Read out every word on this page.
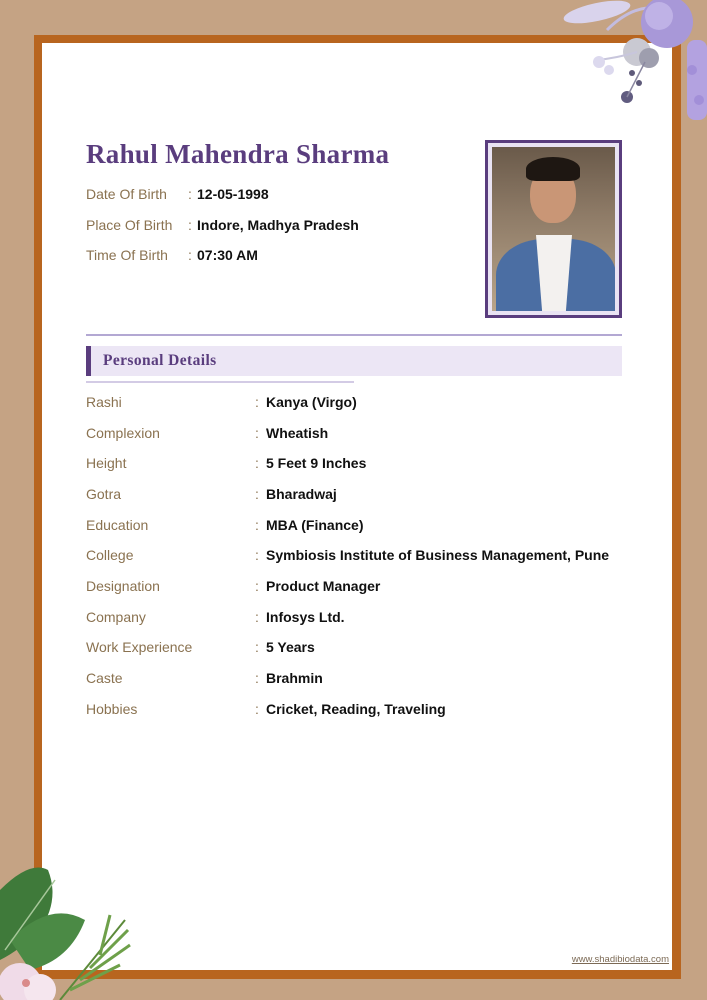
Rahul Mahendra Sharma
Date Of Birth	: 12-05-1998
Place Of Birth	: Indore, Madhya Pradesh
Time Of Birth	: 07:30 AM
Personal Details
Rashi	: Kanya (Virgo)
Complexion	: Wheatish
Height	: 5 Feet 9 Inches
Gotra	: Bharadwaj
Education	: MBA (Finance)
College	: Symbiosis Institute of Business Management, Pune
Designation	: Product Manager
Company	: Infosys Ltd.
Work Experience	: 5 Years
Caste	: Brahmin
Hobbies	: Cricket, Reading, Traveling
www.shadibiodata.com
